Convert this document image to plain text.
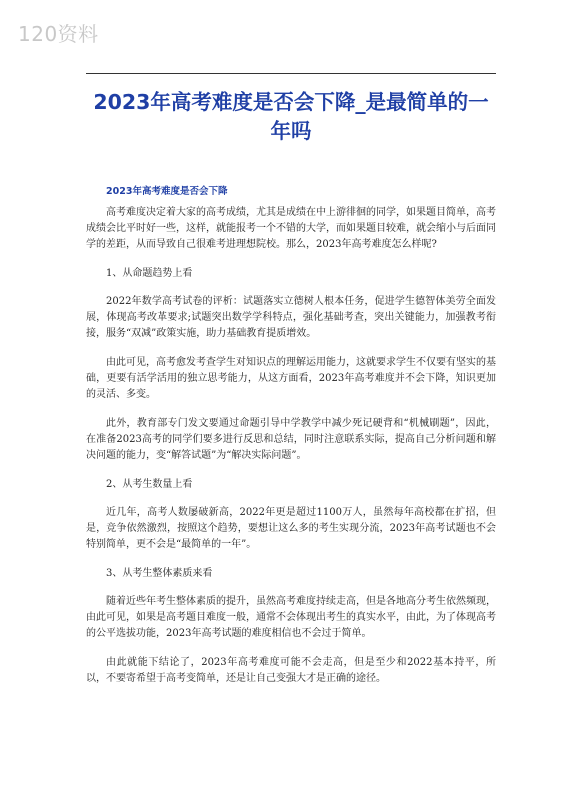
120资料
2023年高考难度是否会下降_是最简单的一年吗
2023年高考难度是否会下降

高考难度决定着大家的高考成绩，尤其是成绩在中上游徘徊的同学，如果题目简单，高考成绩会比平时好一些，这样，就能报考一个不错的大学，而如果题目较难，就会缩小与后面同学的差距，从而导致自己很难考进理想院校。那么，2023年高考难度怎么样呢?

1、从命题趋势上看

2022年数学高考试卷的评析：试题落实立德树人根本任务，促进学生德智体美劳全面发展，体现高考改革要求;试题突出数学学科特点，强化基础考查，突出关键能力，加强教考衔接，服务“双减”政策实施，助力基础教育提质增效。

由此可见，高考愈发考查学生对知识点的理解运用能力，这就要求学生不仅要有坚实的基础，更要有活学活用的独立思考能力，从这方面看，2023年高考难度并不会下降，知识更加的灵活、多变。

此外，教育部专门发文要通过命题引导中学教学中减少死记硬背和“机械刷题”，因此，在准备2023高考的同学们要多进行反思和总结，同时注意联系实际，提高自己分析问题和解决问题的能力，变“解答试题”为“解决实际问题”。

2、从考生数量上看

近几年，高考人数屡破新高，2022年更是超过1100万人，虽然每年高校都在扩招，但是，竞争依然激烈，按照这个趋势，要想让这么多的考生实现分流，2023年高考试题也不会特别简单，更不会是“最简单的一年”。

3、从考生整体素质来看

随着近些年考生整体素质的提升，虽然高考难度持续走高，但是各地高分考生依然频现，由此可见，如果是高考题目难度一般，通常不会体现出考生的真实水平，由此，为了体现高考的公平选拔功能，2023年高考试题的难度相信也不会过于简单。

由此就能下结论了，2023年高考难度可能不会走高，但是至少和2022基本持平，所以，不要寄希望于高考变简单，还是让自己变强大才是正确的途径。
